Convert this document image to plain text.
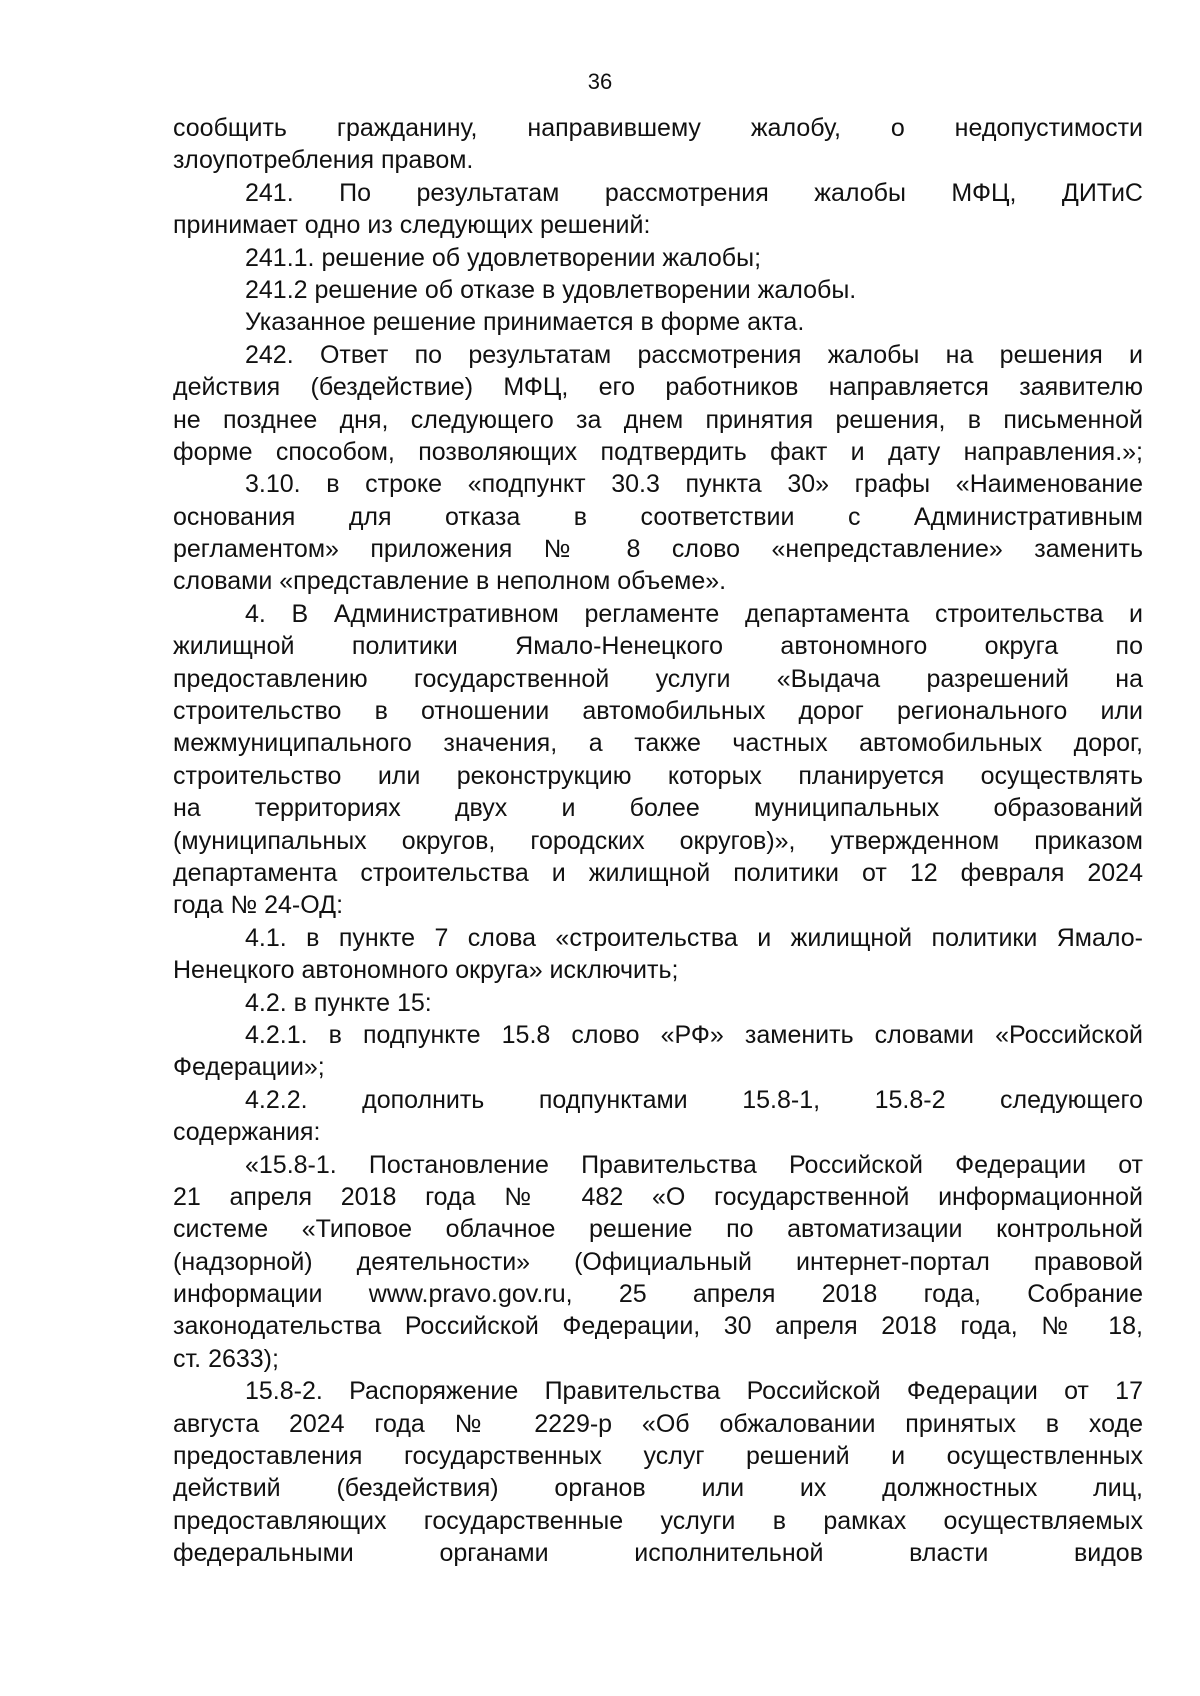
36
сообщить гражданину, направившему жалобу, о недопустимости
злоупотребления правом.
241. По результатам рассмотрения жалобы МФЦ, ДИТиС
принимает одно из следующих решений:
241.1. решение об удовлетворении жалобы;
241.2 решение об отказе в удовлетворении жалобы.
Указанное решение принимается в форме акта.
242. Ответ по результатам рассмотрения жалобы на решения и
действия (бездействие) МФЦ, его работников направляется заявителю
не позднее дня, следующего за днем принятия решения, в письменной
форме способом, позволяющих подтвердить факт и дату направления.»;
3.10. в строке «подпункт 30.3 пункта 30» графы «Наименование
основания для отказа в соответствии с Административным
регламентом» приложения № 8 слово «непредставление» заменить
словами «представление в неполном объеме».
4. В Административном регламенте департамента строительства и
жилищной политики Ямало-Ненецкого автономного округа по
предоставлению государственной услуги «Выдача разрешений на
строительство в отношении автомобильных дорог регионального или
межмуниципального значения, а также частных автомобильных дорог,
строительство или реконструкцию которых планируется осуществлять
на территориях двух и более муниципальных образований
(муниципальных округов, городских округов)», утвержденном приказом
департамента строительства и жилищной политики от 12 февраля 2024
года № 24-ОД:
4.1. в пункте 7 слова «строительства и жилищной политики Ямало-
Ненецкого автономного округа» исключить;
4.2. в пункте 15:
4.2.1. в подпункте 15.8 слово «РФ» заменить словами «Российской
Федерации»;
4.2.2. дополнить подпунктами 15.8-1, 15.8-2 следующего
содержания:
«15.8-1. Постановление Правительства Российской Федерации от
21 апреля 2018 года № 482 «О государственной информационной
системе «Типовое облачное решение по автоматизации контрольной
(надзорной) деятельности» (Официальный интернет-портал правовой
информации www.pravo.gov.ru, 25 апреля 2018 года, Собрание
законодательства Российской Федерации, 30 апреля 2018 года, № 18,
ст. 2633);
15.8-2. Распоряжение Правительства Российской Федерации от 17
августа 2024 года № 2229-р «Об обжаловании принятых в ходе
предоставления государственных услуг решений и осуществленных
действий (бездействия) органов или их должностных лиц,
предоставляющих государственные услуги в рамках осуществляемых
федеральными органами исполнительной власти видов
